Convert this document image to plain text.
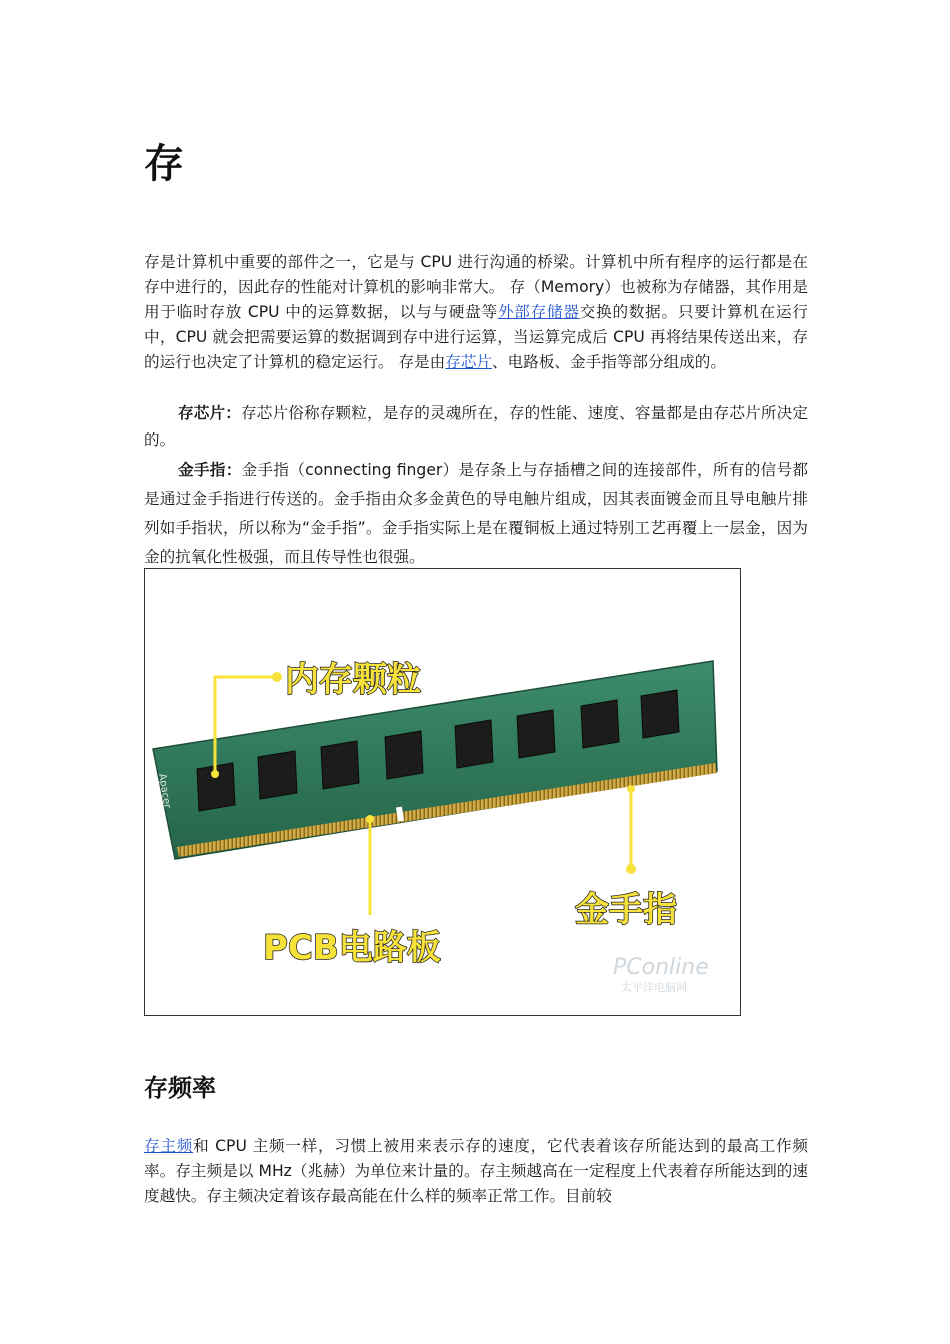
存

存是计算机中重要的部件之一，它是与 CPU 进行沟通的桥梁。计算机中所有程序的运行都是在存中进行的，因此存的性能对计算机的影响非常大。 存（Memory）也被称为存储器，其作用是用于临时存放 CPU 中的运算数据，以与与硬盘等外部存储器交换的数据。只要计算机在运行中，CPU 就会把需要运算的数据调到存中进行运算，当运算完成后 CPU 再将结果传送出来，存的运行也决定了计算机的稳定运行。 存是由存芯片、电路板、金手指等部分组成的。

存芯片：存芯片俗称存颗粒，是存的灵魂所在，存的性能、速度、容量都是由存芯片所决定的。

金手指：金手指（connecting finger）是存条上与存插槽之间的连接部件，所有的信号都是通过金手指进行传送的。金手指由众多金黄色的导电触片组成，因其表面镀金而且导电触片排列如手指状，所以称为“金手指”。金手指实际上是在覆铜板上通过特别工艺再覆上一层金，因为金的抗氧化性极强，而且传导性也很强。

Apacer
内存颗粒
PCB电路板
金手指
PConline
太平洋电脑网
存频率

存主频和 CPU 主频一样，习惯上被用来表示存的速度，它代表着该存所能达到的最高工作频率。存主频是以 MHz（兆赫）为单位来计量的。存主频越高在一定程度上代表着存所能达到的速度越快。存主频决定着该存最高能在什么样的频率正常工作。目前较
